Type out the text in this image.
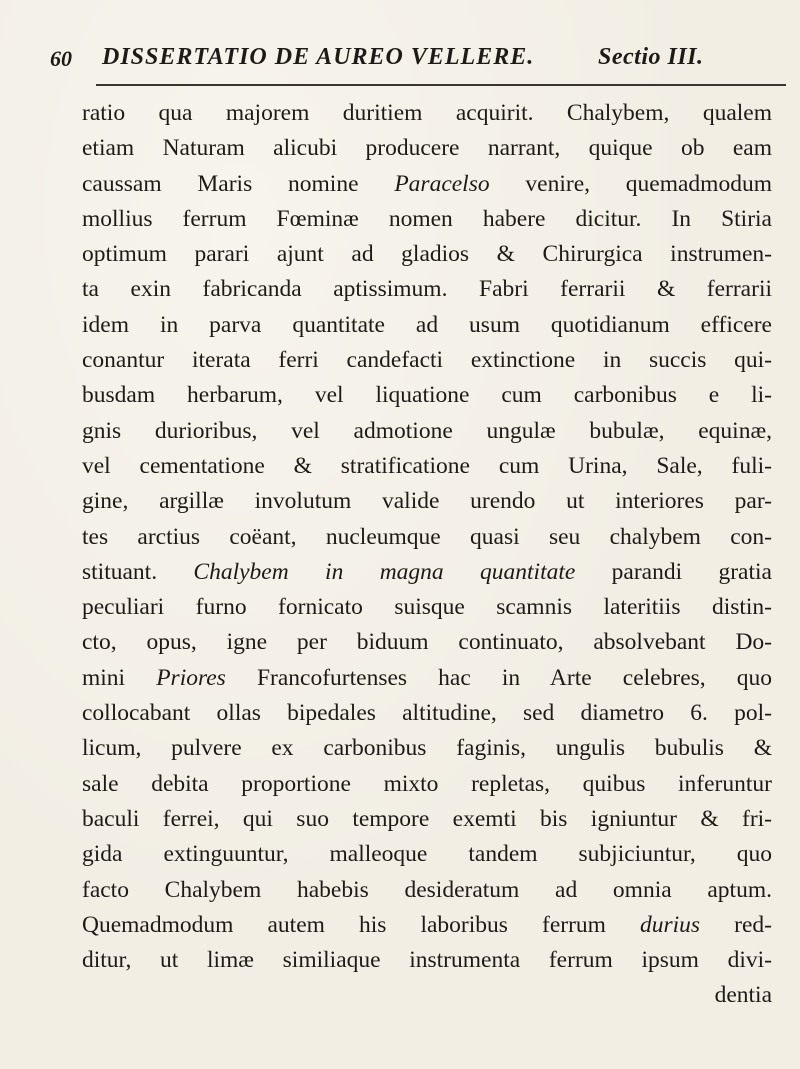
60 DISSERTATIO DE AUREO VELLERE.	Sectio III.
ratio qua majorem duritiem acquirit. Chalybem, qualem
etiam Naturam alicubi producere narrant, quique ob eam
caussam Maris nomine Paracelso venire, quemadmodum
mollius ferrum Fœminæ nomen habere dicitur. In Stiria
optimum parari ajunt ad gladios & Chirurgica instrumen-
ta exin fabricanda aptissimum. Fabri ferrarii & ferrarii
idem in parva quantitate ad usum quotidianum efficere
conantur iterata ferri candefacti extinctione in succis qui-
busdam herbarum, vel liquatione cum carbonibus e li-
gnis durioribus, vel admotione ungulæ bubulæ, equinæ,
vel cementatione & stratificatione cum Urina, Sale, fuli-
gine, argillæ involutum valide urendo ut interiores par-
tes arctius coëant, nucleumque quasi seu chalybem con-
stituant. Chalybem in magna quantitate parandi gratia
peculiari furno fornicato suisque scamnis lateritiis distin-
cto, opus, igne per biduum continuato, absolvebant Do-
mini Priores Francofurtenses hac in Arte celebres, quo
collocabant ollas bipedales altitudine, sed diametro 6. pol-
licum, pulvere ex carbonibus faginis, ungulis bubulis &
sale debita proportione mixto repletas, quibus inferuntur
baculi ferrei, qui suo tempore exemti bis igniuntur & fri-
gida extinguuntur, malleoque tandem subjiciuntur, quo
facto Chalybem habebis desideratum ad omnia aptum.
Quemadmodum autem his laboribus ferrum durius red-
ditur, ut limæ similiaque instrumenta ferrum ipsum divi-
dentia
